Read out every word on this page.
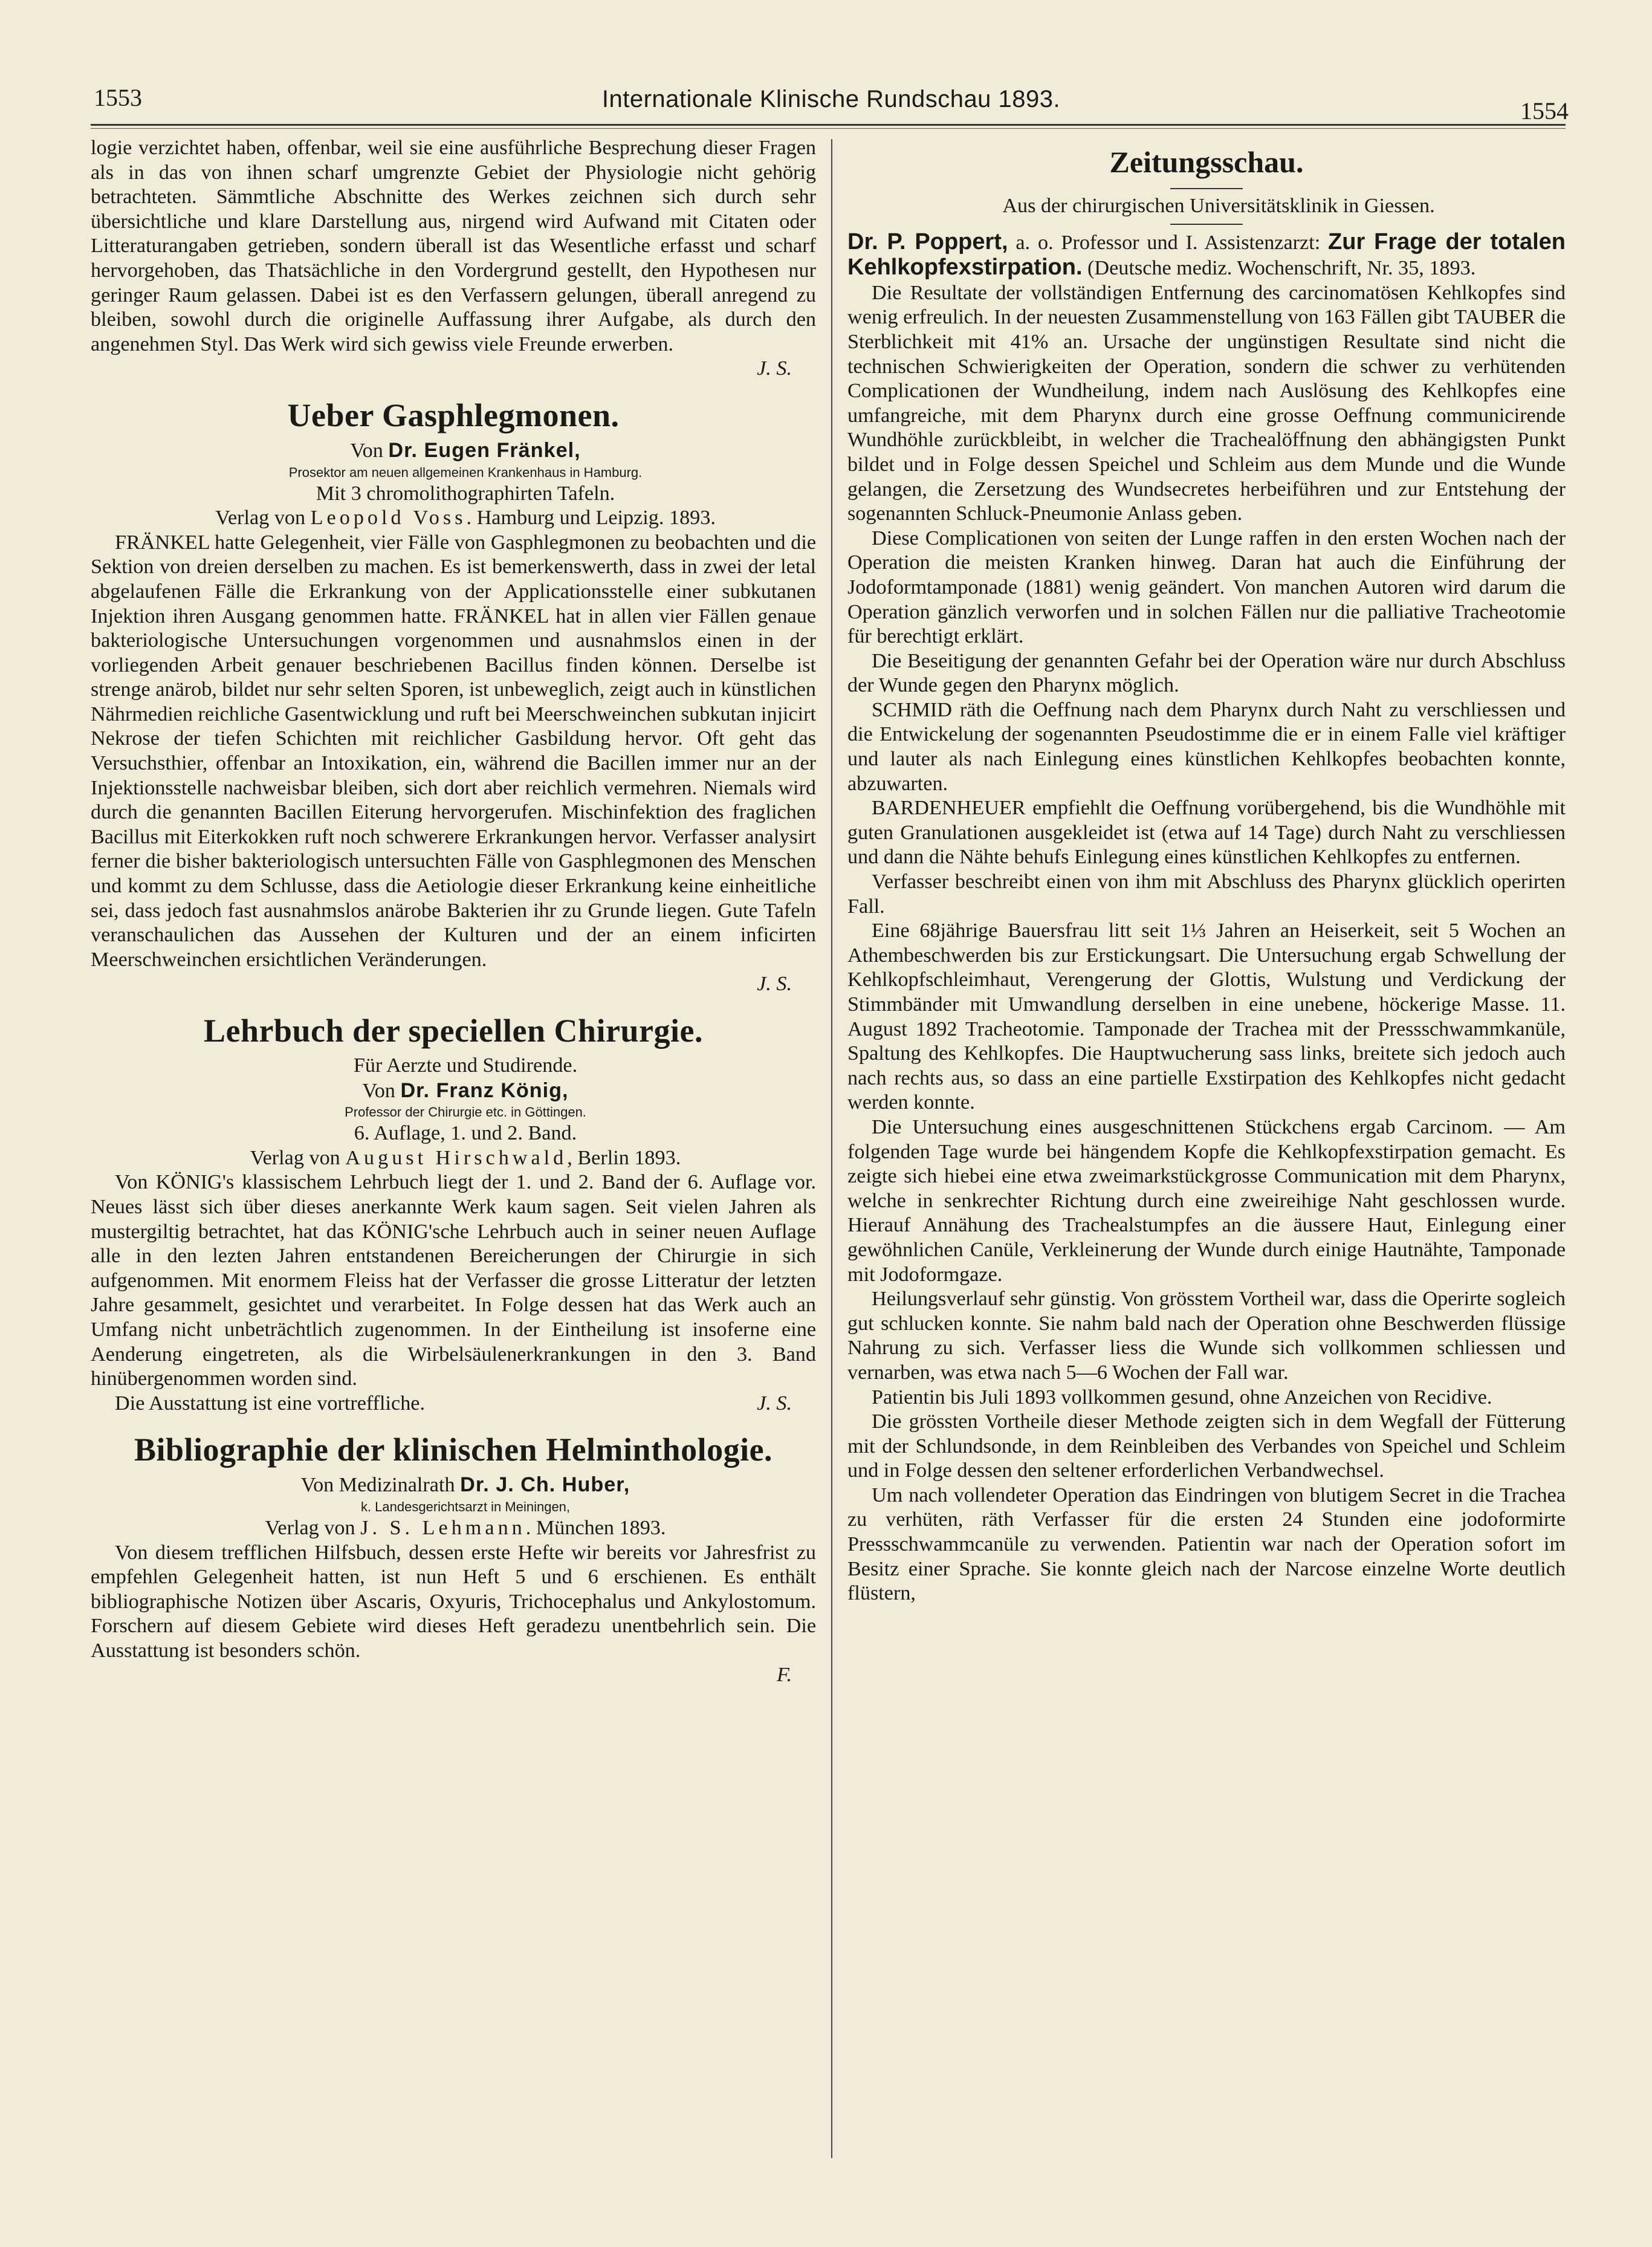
1553	Internationale Klinische Rundschau 1893.	1554

logie verzichtet haben, offenbar, weil sie eine ausführliche Besprechung dieser Fragen als in das von ihnen scharf umgrenzte Gebiet der Physiologie nicht gehörig betrachteten. Sämmtliche Abschnitte des Werkes zeichnen sich durch sehr übersichtliche und klare Darstellung aus, nirgend wird Aufwand mit Citaten oder Litteraturangaben getrieben, sondern überall ist das Wesentliche erfasst und scharf hervorgehoben, das Thatsächliche in den Vordergrund gestellt, den Hypothesen nur geringer Raum gelassen. Dabei ist es den Verfassern gelungen, überall anregend zu bleiben, sowohl durch die originelle Auffassung ihrer Aufgabe, als durch den angenehmen Styl. Das Werk wird sich gewiss viele Freunde erwerben.

J. S.
Ueber Gasphlegmonen.

Von Dr. Eugen Fränkel,

Prosektor am neuen allgemeinen Krankenhaus in Hamburg.

Mit 3 chromolithographirten Tafeln.

Verlag von Leopold Voss. Hamburg und Leipzig. 1893.

FRÄNKEL hatte Gelegenheit, vier Fälle von Gasphlegmonen zu beobachten und die Sektion von dreien derselben zu machen. Es ist bemerkenswerth, dass in zwei der letal abgelaufenen Fälle die Erkrankung von der Applicationsstelle einer subkutanen Injektion ihren Ausgang genommen hatte. FRÄNKEL hat in allen vier Fällen genaue bakteriologische Untersuchungen vorgenommen und ausnahmslos einen in der vorliegenden Arbeit genauer beschriebenen Bacillus finden können. Derselbe ist strenge anärob, bildet nur sehr selten Sporen, ist unbeweglich, zeigt auch in künstlichen Nährmedien reichliche Gasentwicklung und ruft bei Meerschweinchen subkutan injicirt Nekrose der tiefen Schichten mit reichlicher Gasbildung hervor. Oft geht das Versuchsthier, offenbar an Intoxikation, ein, während die Bacillen immer nur an der Injektionsstelle nachweisbar bleiben, sich dort aber reichlich vermehren. Niemals wird durch die genannten Bacillen Eiterung hervorgerufen. Mischinfektion des fraglichen Bacillus mit Eiterkokken ruft noch schwerere Erkrankungen hervor. Verfasser analysirt ferner die bisher bakteriologisch untersuchten Fälle von Gasphlegmonen des Menschen und kommt zu dem Schlusse, dass die Aetiologie dieser Erkrankung keine einheitliche sei, dass jedoch fast ausnahmslos anärobe Bakterien ihr zu Grunde liegen. Gute Tafeln veranschaulichen das Aussehen der Kulturen und der an einem inficirten Meerschweinchen ersichtlichen Veränderungen.

J. S.
Lehrbuch der speciellen Chirurgie.

Für Aerzte und Studirende.

Von Dr. Franz König,

Professor der Chirurgie etc. in Göttingen.

6. Auflage, 1. und 2. Band.

Verlag von August Hirschwald, Berlin 1893.

Von KÖNIG's klassischem Lehrbuch liegt der 1. und 2. Band der 6. Auflage vor. Neues lässt sich über dieses anerkannte Werk kaum sagen. Seit vielen Jahren als mustergiltig betrachtet, hat das KÖNIG'sche Lehrbuch auch in seiner neuen Auflage alle in den lezten Jahren entstandenen Bereicherungen der Chirurgie in sich aufgenommen. Mit enormem Fleiss hat der Verfasser die grosse Litteratur der letzten Jahre gesammelt, gesichtet und verarbeitet. In Folge dessen hat das Werk auch an Umfang nicht unbeträchtlich zugenommen. In der Eintheilung ist insoferne eine Aenderung eingetreten, als die Wirbelsäulenerkrankungen in den 3. Band hinübergenommen worden sind.

Die Ausstattung ist eine vortreffliche.	J. S.

Bibliographie der klinischen Helminthologie.

Von Medizinalrath Dr. J. Ch. Huber,

k. Landesgerichtsarzt in Meiningen,

Verlag von J. S. Lehmann. München 1893.

Von diesem trefflichen Hilfsbuch, dessen erste Hefte wir bereits vor Jahresfrist zu empfehlen Gelegenheit hatten, ist nun Heft 5 und 6 erschienen. Es enthält bibliographische Notizen über Ascaris, Oxyuris, Trichocephalus und Ankylostomum. Forschern auf diesem Gebiete wird dieses Heft geradezu unentbehrlich sein. Die Ausstattung ist besonders schön.

F.
Zeitungsschau.

Aus der chirurgischen Universitätsklinik in Giessen.

Dr. P. Poppert, a. o. Professor und I. Assistenzarzt: Zur Frage der totalen Kehlkopfexstirpation. (Deutsche mediz. Wochenschrift, Nr. 35, 1893.

Die Resultate der vollständigen Entfernung des carcinomatösen Kehlkopfes sind wenig erfreulich. In der neuesten Zusammenstellung von 163 Fällen gibt TAUBER die Sterblichkeit mit 41% an. Ursache der ungünstigen Resultate sind nicht die technischen Schwierigkeiten der Operation, sondern die schwer zu verhütenden Complicationen der Wundheilung, indem nach Auslösung des Kehlkopfes eine umfangreiche, mit dem Pharynx durch eine grosse Oeffnung communicirende Wundhöhle zurückbleibt, in welcher die Trachealöffnung den abhängigsten Punkt bildet und in Folge dessen Speichel und Schleim aus dem Munde und die Wunde gelangen, die Zersetzung des Wundsecretes herbeiführen und zur Entstehung der sogenannten Schluck-Pneumonie Anlass geben.

Diese Complicationen von seiten der Lunge raffen in den ersten Wochen nach der Operation die meisten Kranken hinweg. Daran hat auch die Einführung der Jodoformtamponade (1881) wenig geändert. Von manchen Autoren wird darum die Operation gänzlich verworfen und in solchen Fällen nur die palliative Tracheotomie für berechtigt erklärt.

Die Beseitigung der genannten Gefahr bei der Operation wäre nur durch Abschluss der Wunde gegen den Pharynx möglich.

SCHMID räth die Oeffnung nach dem Pharynx durch Naht zu verschliessen und die Entwickelung der sogenannten Pseudostimme die er in einem Falle viel kräftiger und lauter als nach Einlegung eines künstlichen Kehlkopfes beobachten konnte, abzuwarten.

BARDENHEUER empfiehlt die Oeffnung vorübergehend, bis die Wundhöhle mit guten Granulationen ausgekleidet ist (etwa auf 14 Tage) durch Naht zu verschliessen und dann die Nähte behufs Einlegung eines künstlichen Kehlkopfes zu entfernen.

Verfasser beschreibt einen von ihm mit Abschluss des Pharynx glücklich operirten Fall.

Eine 68jährige Bauersfrau litt seit 1⅓ Jahren an Heiserkeit, seit 5 Wochen an Athembeschwerden bis zur Erstickungsart. Die Untersuchung ergab Schwellung der Kehlkopfschleimhaut, Verengerung der Glottis, Wulstung und Verdickung der Stimmbänder mit Umwandlung derselben in eine unebene, höckerige Masse. 11. August 1892 Tracheotomie. Tamponade der Trachea mit der Pressschwammkanüle, Spaltung des Kehlkopfes. Die Hauptwucherung sass links, breitete sich jedoch auch nach rechts aus, so dass an eine partielle Exstirpation des Kehlkopfes nicht gedacht werden konnte.

Die Untersuchung eines ausgeschnittenen Stückchens ergab Carcinom. — Am folgenden Tage wurde bei hängendem Kopfe die Kehlkopfexstirpation gemacht. Es zeigte sich hiebei eine etwa zweimarkstückgrosse Communication mit dem Pharynx, welche in senkrechter Richtung durch eine zweireihige Naht geschlossen wurde. Hierauf Annähung des Trachealstumpfes an die äussere Haut, Einlegung einer gewöhnlichen Canüle, Verkleinerung der Wunde durch einige Hautnähte, Tamponade mit Jodoformgaze.

Heilungsverlauf sehr günstig. Von grösstem Vortheil war, dass die Operirte sogleich gut schlucken konnte. Sie nahm bald nach der Operation ohne Beschwerden flüssige Nahrung zu sich. Verfasser liess die Wunde sich vollkommen schliessen und vernarben, was etwa nach 5—6 Wochen der Fall war.

Patientin bis Juli 1893 vollkommen gesund, ohne Anzeichen von Recidive.

Die grössten Vortheile dieser Methode zeigten sich in dem Wegfall der Fütterung mit der Schlundsonde, in dem Reinbleiben des Verbandes von Speichel und Schleim und in Folge dessen den seltener erforderlichen Verbandwechsel.

Um nach vollendeter Operation das Eindringen von blutigem Secret in die Trachea zu verhüten, räth Verfasser für die ersten 24 Stunden eine jodoformirte Pressschwammcanüle zu verwenden. Patientin war nach der Operation sofort im Besitz einer Sprache. Sie konnte gleich nach der Narcose einzelne Worte deutlich flüstern,
